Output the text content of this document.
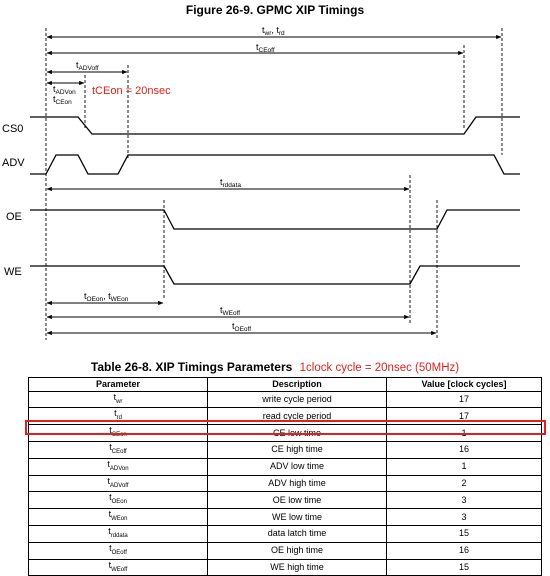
Figure 26-9. GPMC XIP Timings
CS0
ADV
OE
WE
$t_{wr}$, $t_{rd}$
$t_{CEoff}$
$t_{ADVoff}$
$t_{ADVon}$
$t_{CEon}$
$t_{rddata}$
$t_{OEon}$, $t_{WEon}$
$t_{WEoff}$
$t_{OEoff}$
tCEon = 20nsec
Table 26-8. XIP Timings Parameters 1clock cycle = 20nsec (50MHz)
Parameter	Description	Value [clock cycles]
$t_{wr}$	write cycle period	17
$t_{rd}$	read cycle period	17
$t_{CEon}$	CE low time	1
$t_{CEoff}$	CE high time	16
$t_{ADVon}$	ADV low time	1
$t_{ADVoff}$	ADV high time	2
$t_{OEon}$	OE low time	3
$t_{WEon}$	WE low time	3
$t_{rddata}$	data latch time	15
$t_{OEoff}$	OE high time	16
$t_{WEoff}$	WE high time	15
